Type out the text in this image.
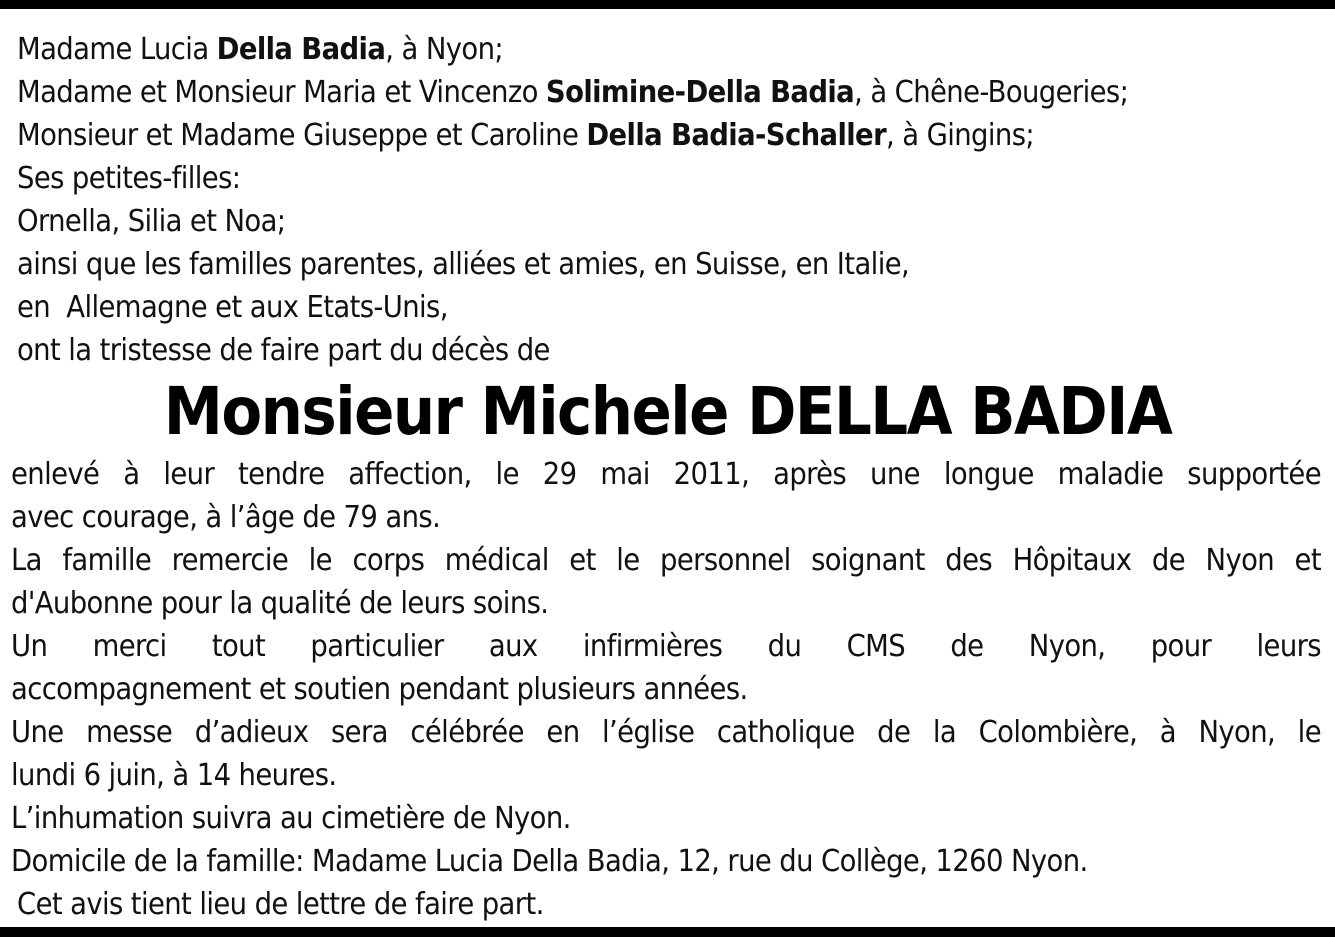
Madame Lucia Della Badia, à Nyon;
Madame et Monsieur Maria et Vincenzo Solimine-Della Badia, à Chêne-Bougeries;
Monsieur et Madame Giuseppe et Caroline Della Badia-Schaller, à Gingins;
Ses petites-filles:
Ornella, Silia et Noa;
ainsi que les familles parentes, alliées et amies, en Suisse, en Italie,
en  Allemagne et aux Etats-Unis,
ont la tristesse de faire part du décès de
Monsieur Michele DELLA BADIA
enlevé à leur tendre affection, le 29 mai 2011, après une longue maladie supportée
avec courage, à l’âge de 79 ans.
La famille remercie le corps médical et le personnel soignant des Hôpitaux de Nyon et
d'Aubonne pour la qualité de leurs soins.
Un merci tout particulier aux infirmières du CMS de Nyon, pour leurs
accompagnement et soutien pendant plusieurs années.
Une messe d’adieux sera célébrée en l’église catholique de la Colombière, à Nyon, le
lundi 6 juin, à 14 heures.
L’inhumation suivra au cimetière de Nyon.
Domicile de la famille: Madame Lucia Della Badia, 12, rue du Collège, 1260 Nyon.
Cet avis tient lieu de lettre de faire part.
